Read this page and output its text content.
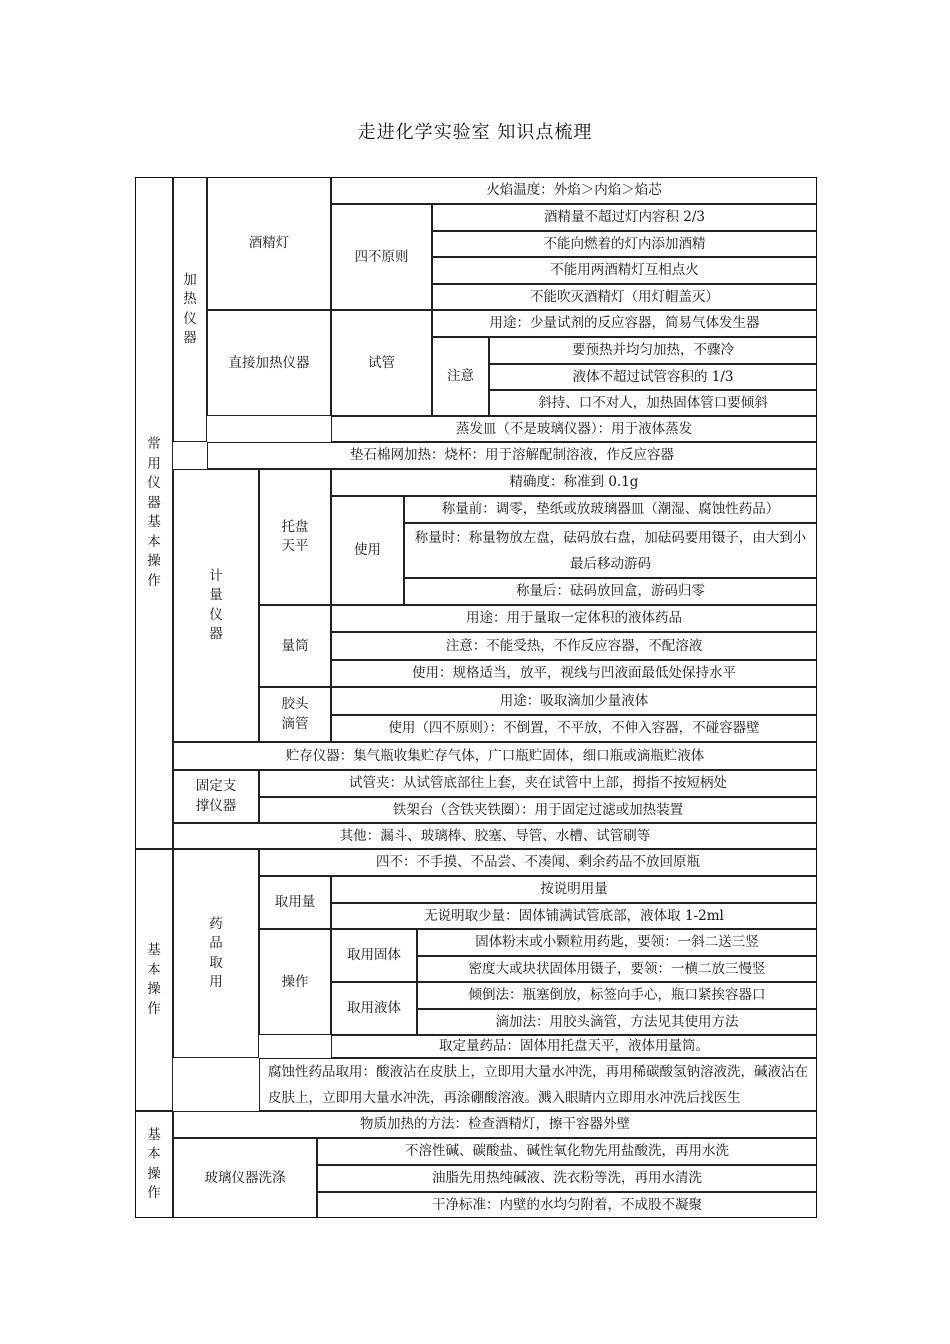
走进化学实验室 知识点梳理
常
用
仪
器
基
本
操
作
基
本
操
作
基
本
操
作
加
热
仪
器
酒精灯
火焰温度：外焰＞内焰＞焰芯
四不原则
酒精量不超过灯内容积 2/3
不能向燃着的灯内添加酒精
不能用两酒精灯互相点火
不能吹灭酒精灯（用灯帽盖灭）
直接加热仪器	试管
用途：少量试剂的反应容器，简易气体发生器
注意
要预热并均匀加热，不骤冷
液体不超过试管容积的 1/3
斜持、口不对人，加热固体管口要倾斜
蒸发皿（不是玻璃仪器）：用于液体蒸发
垫石棉网加热：烧杯：用于溶解配制溶液，作反应容器
计
量
仪
器
托盘
天平
精确度：称准到 0.1g
使用
称量前：调零，垫纸或放玻璃器皿（潮湿、腐蚀性药品）
称量时：称量物放左盘，砝码放右盘，加砝码要用镊子，由大到小最后移动游码
称量后：砝码放回盒，游码归零
量筒
用途：用于量取一定体积的液体药品
注意：不能受热，不作反应容器，不配溶液
使用：规格适当，放平，视线与凹液面最低处保持水平
胶头
滴管
用途：吸取滴加少量液体
使用（四不原则）：不倒置，不平放，不伸入容器，不碰容器壁
贮存仪器：集气瓶收集贮存气体，广口瓶贮固体，细口瓶或滴瓶贮液体
固定支
撑仪器
试管夹：从试管底部往上套，夹在试管中上部，拇指不按短柄处
铁架台（含铁夹铁圈）：用于固定过滤或加热装置
其他：漏斗、玻璃棒、胶塞、导管、水槽、试管刷等
药
品
取
用
四不：不手摸、不品尝、不凑闻、剩余药品不放回原瓶
取用量
按说明用量
无说明取少量：固体铺满试管底部，液体取 1-2ml
操作
取用固体
固体粉末或小颗粒用药匙，要领：一斜二送三竖
密度大或块状固体用镊子，要领：一横二放三慢竖
取用液体
倾倒法：瓶塞倒放，标签向手心，瓶口紧挨容器口
滴加法：用胶头滴管，方法见其使用方法
取定量药品：固体用托盘天平，液体用量筒。
腐蚀性药品取用：酸液沾在皮肤上，立即用大量水冲洗，再用稀碳酸氢钠溶液洗，碱液沾在皮肤上，立即用大量水冲洗，再涂硼酸溶液。溅入眼睛内立即用水冲洗后找医生
物质加热的方法：检查酒精灯，擦干容器外壁
玻璃仪器洗涤
不溶性碱、碳酸盐、碱性氧化物先用盐酸洗，再用水洗
油脂先用热纯碱液、洗衣粉等洗，再用水清洗
干净标准：内壁的水均匀附着，不成股不凝聚
